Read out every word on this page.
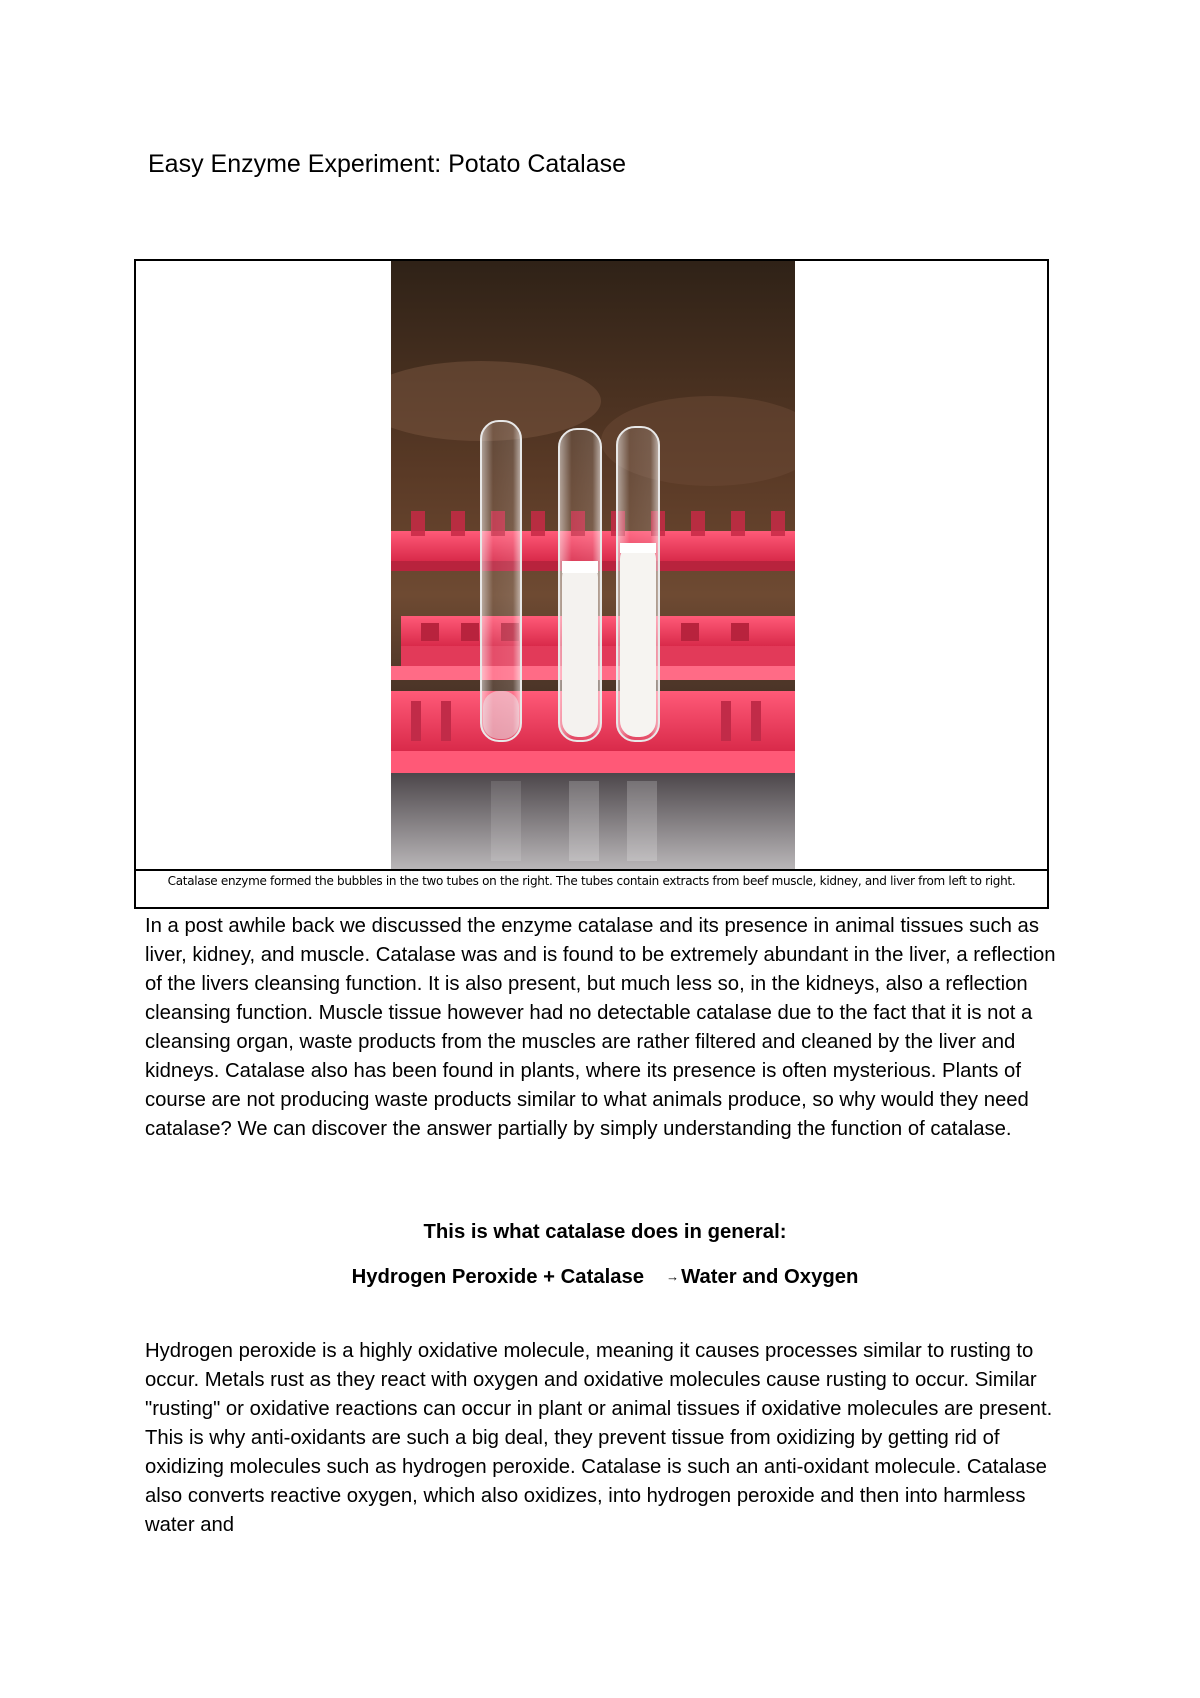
Easy Enzyme Experiment: Potato Catalase
Catalase enzyme formed the bubbles in the two tubes on the right. The tubes contain extracts from beef muscle, kidney, and liver from left to right.

In a post awhile back we discussed the enzyme catalase and its presence in animal tissues such as liver, kidney, and muscle. Catalase was and is found to be extremely abundant in the liver, a reflection of the livers cleansing function. It is also present, but much less so, in the kidneys, also a reflection cleansing function. Muscle tissue however had no detectable catalase due to the fact that it is not a cleansing organ, waste products from the muscles are rather filtered and cleaned by the liver and kidneys. Catalase also has been found in plants, where its presence is often mysterious. Plants of course are not producing waste products similar to what animals produce, so why would they need catalase? We can discover the answer partially by simply understanding the function of catalase.

This is what catalase does in general:

Hydrogen Peroxide + Catalase →Water and Oxygen

Hydrogen peroxide is a highly oxidative molecule, meaning it causes processes similar to rusting to occur. Metals rust as they react with oxygen and oxidative molecules cause rusting to occur. Similar "rusting" or oxidative reactions can occur in plant or animal tissues if oxidative molecules are present. This is why anti-oxidants are such a big deal, they prevent tissue from oxidizing by getting rid of oxidizing molecules such as hydrogen peroxide. Catalase is such an anti-oxidant molecule. Catalase also converts reactive oxygen, which also oxidizes, into hydrogen peroxide and then into harmless water and
